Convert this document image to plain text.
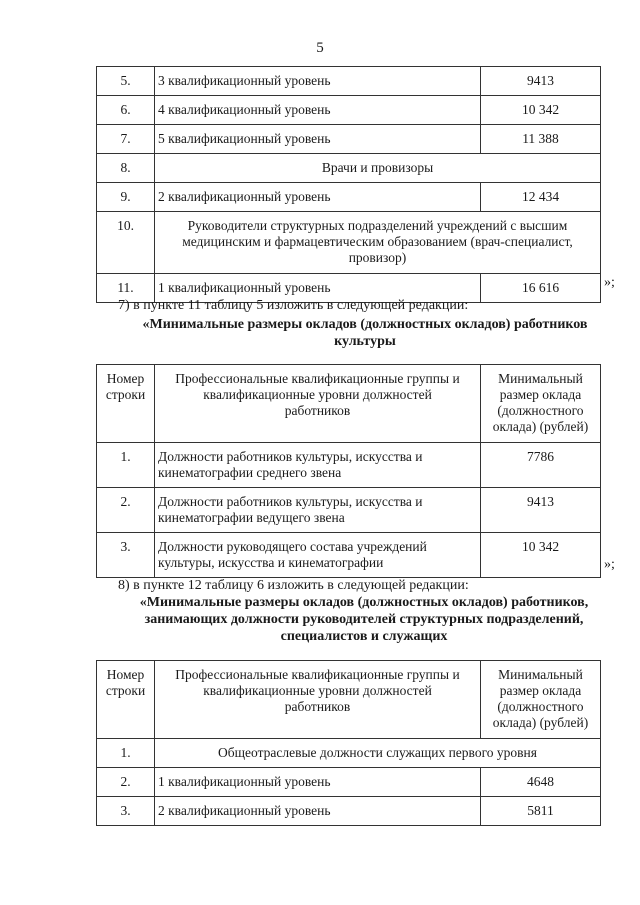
5
5.	3 квалификационный уровень	9413
6.	4 квалификационный уровень	10 342
7.	5 квалификационный уровень	11 388
8.	Врачи и провизоры	
9.	2 квалификационный уровень	12 434
10.	Руководители структурных подразделений учреждений с высшим медицинским и фармацевтическим образованием (врач-специалист, провизор)	
11.	1 квалификационный уровень	16 616	»;
7) в пункте 11 таблицу 5 изложить в следующей редакции:
«Минимальные размеры окладов (должностных окладов) работников культуры
Номер строки	Профессиональные квалификационные группы и квалификационные уровни должностей работников	Минимальный размер оклада (должностного оклада) (рублей)
1.	Должности работников культуры, искусства и кинематографии среднего звена	7786
2.	Должности работников культуры, искусства и кинематографии ведущего звена	9413
3.	Должности руководящего состава учреждений культуры, искусства и кинематографии	10 342
»;
8) в пункте 12 таблицу 6 изложить в следующей редакции:
«Минимальные размеры окладов (должностных окладов) работников, занимающих должности руководителей структурных подразделений, специалистов и служащих
Номер строки	Профессиональные квалификационные группы и квалификационные уровни должностей работников	Минимальный размер оклада (должностного оклада) (рублей)
1.	Общеотраслевые должности служащих первого уровня	
2.	1 квалификационный уровень	4648
3.	2 квалификационный уровень	5811
